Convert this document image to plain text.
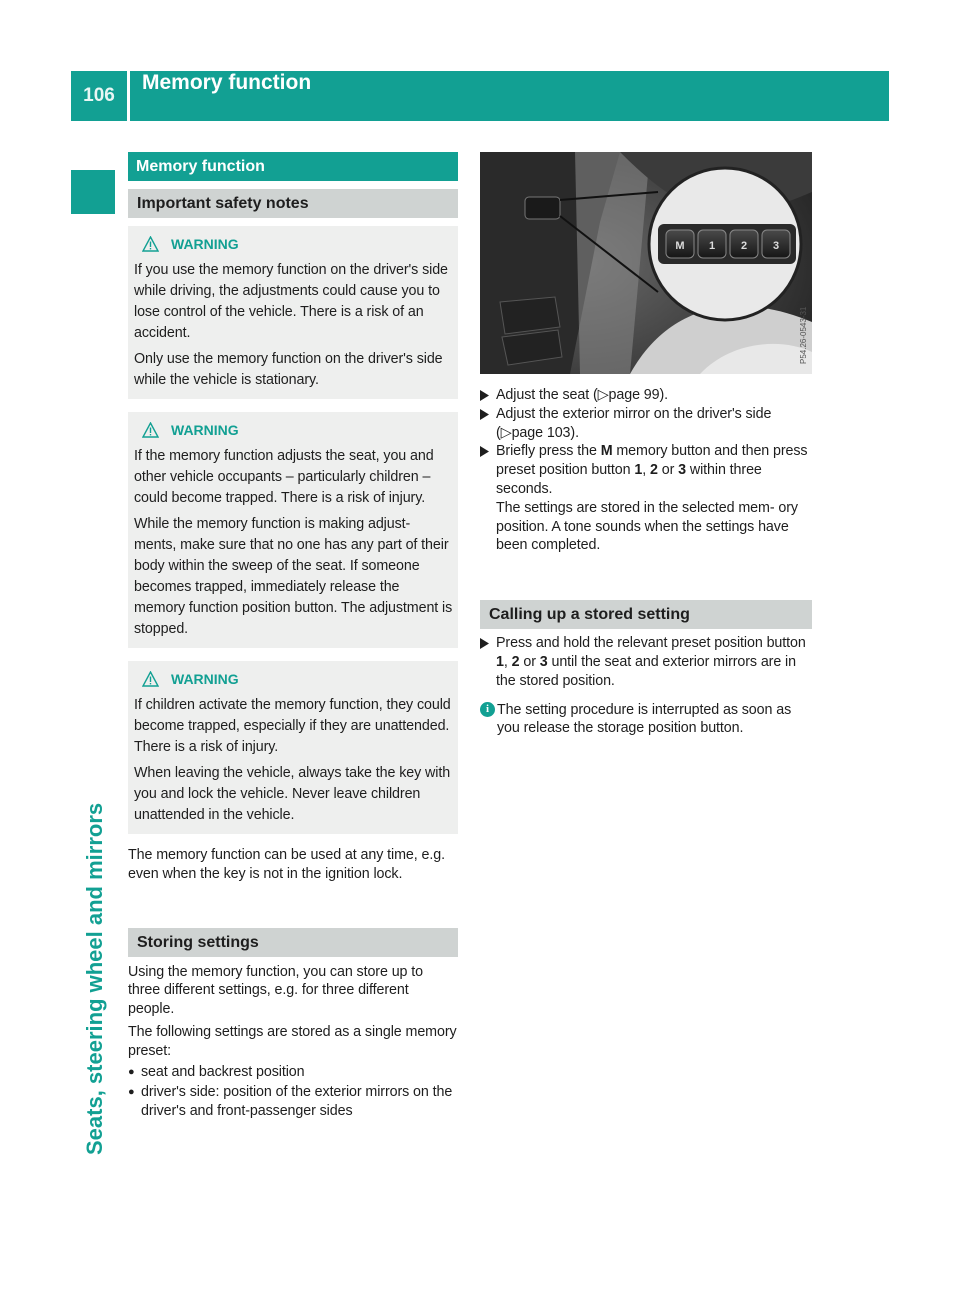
106
Memory function
Seats, steering wheel and mirrors
Memory function
Important safety notes
WARNING
If you use the memory function on the driver's side while driving, the adjustments could cause you to lose control of the vehicle. There is a risk of an accident.
Only use the memory function on the driver's side while the vehicle is stationary.
WARNING
If the memory function adjusts the seat, you and other vehicle occupants – particularly children – could become trapped. There is a risk of injury.
While the memory function is making adjust- ments, make sure that no one has any part of their body within the sweep of the seat. If someone becomes trapped, immediately release the memory function position button. The adjustment is stopped.
WARNING
If children activate the memory function, they could become trapped, especially if they are unattended. There is a risk of injury.
When leaving the vehicle, always take the key with you and lock the vehicle. Never leave children unattended in the vehicle.
The memory function can be used at any time, e.g. even when the key is not in the ignition lock.
Storing settings
Using the memory function, you can store up to three different settings, e.g. for three different people.
The following settings are stored as a single memory preset:
● seat and backrest position
● driver's side: position of the exterior mirrors on the driver's and front-passenger sides
M 1 2 3
P54.26-0543-31
Adjust the seat (▷page 99).
Adjust the exterior mirror on the driver's side (▷page 103).
Briefly press the M memory button and then press preset position button 1, 2 or 3 within three seconds.
The settings are stored in the selected mem- ory position. A tone sounds when the settings have been completed.
Calling up a stored setting
Press and hold the relevant preset position button 1, 2 or 3 until the seat and exterior mirrors are in the stored position.
i The setting procedure is interrupted as soon as you release the storage position button.
